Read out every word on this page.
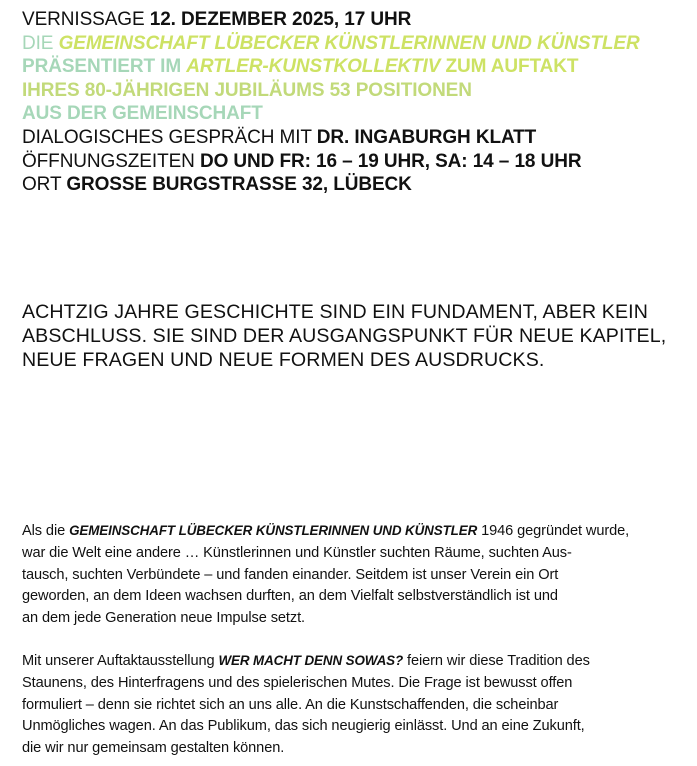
VERNISSAGE 12. DEZEMBER 2025, 17 UHR
DIE GEMEINSCHAFT LÜBECKER KÜNSTLERINNEN UND KÜNSTLER
PRÄSENTIERT IM ARTLER-KUNSTKOLLEKTIV ZUM AUFTAKT
IHRES 80-JÄHRIGEN JUBILÄUMS 53 POSITIONEN
AUS DER GEMEINSCHAFT
DIALOGISCHES GESPRÄCH MIT DR. INGABURGH KLATT
ÖFFNUNGSZEITEN DO UND FR: 16 – 19 UHR, SA: 14 – 18 UHR
ORT GROSSE BURGSTRASSE 32, LÜBECK
ACHTZIG JAHRE GESCHICHTE SIND EIN FUNDAMENT, ABER KEIN
ABSCHLUSS. SIE SIND DER AUSGANGSPUNKT FÜR NEUE KAPITEL,
NEUE FRAGEN UND NEUE FORMEN DES AUSDRUCKS.
Als die GEMEINSCHAFT LÜBECKER KÜNSTLERINNEN UND KÜNSTLER 1946 gegründet wurde,
war die Welt eine andere … Künstlerinnen und Künstler suchten Räume, suchten Aus-
tausch, suchten Verbündete – und fanden einander. Seitdem ist unser Verein ein Ort
geworden, an dem Ideen wachsen durften, an dem Vielfalt selbstverständlich ist und
an dem jede Generation neue Impulse setzt.
Mit unserer Auftaktausstellung WER MACHT DENN SOWAS? feiern wir diese Tradition des
Staunens, des Hinterfragens und des spielerischen Mutes. Die Frage ist bewusst offen
formuliert – denn sie richtet sich an uns alle. An die Kunstschaffenden, die scheinbar
Unmögliches wagen. An das Publikum, das sich neugierig einlässt. Und an eine Zukunft,
die wir nur gemeinsam gestalten können.
